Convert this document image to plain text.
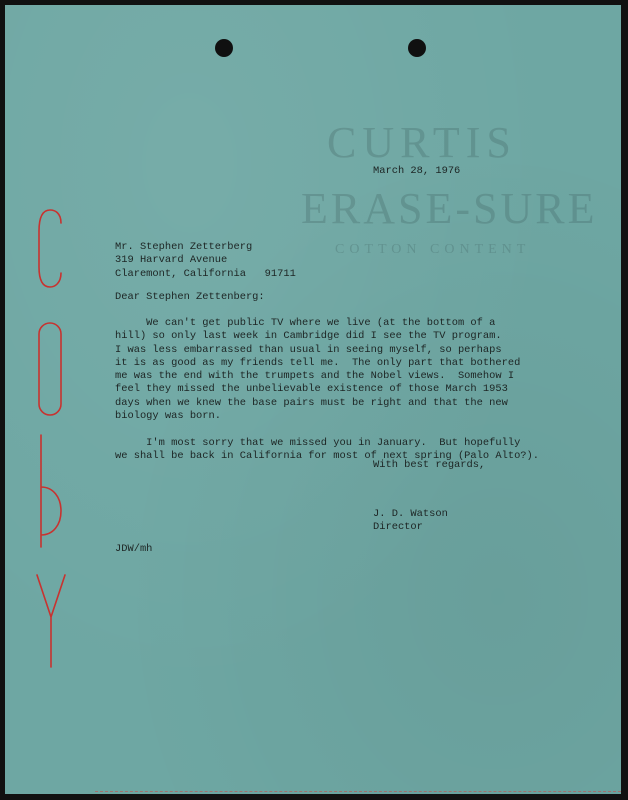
CURTIS
ERASE-SURE
COTTON CONTENT

March 28, 1976

Mr. Stephen Zetterberg
319 Harvard Avenue
Claremont, California   91711

Dear Stephen Zettenberg:

We can't get public TV where we live (at the bottom of a
hill) so only last week in Cambridge did I see the TV program.
I was less embarrassed than usual in seeing myself, so perhaps
it is as good as my friends tell me.  The only part that bothered
me was the end with the trumpets and the Nobel views.  Somehow I
feel they missed the unbelievable existence of those March 1953
days when we knew the base pairs must be right and that the new
biology was born.

I'm most sorry that we missed you in January.  But hopefully
we shall be back in California for most of next spring (Palo Alto?).

With best regards,

J. D. Watson
Director

JDW/mh
